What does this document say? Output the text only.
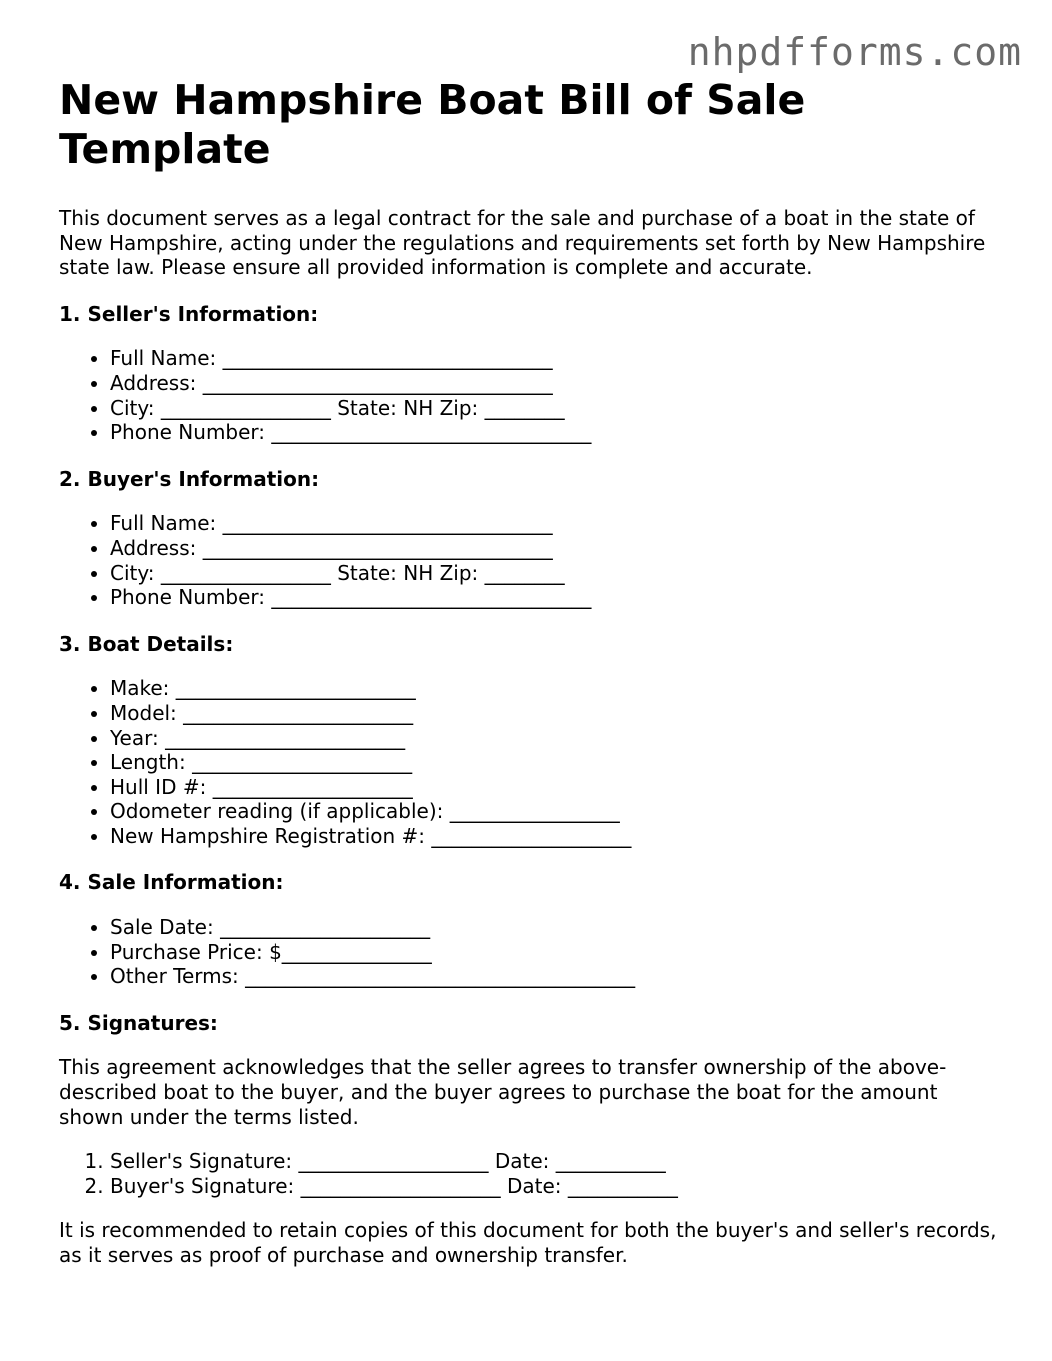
nhpdfforms.com
New Hampshire Boat Bill of Sale Template

This document serves as a legal contract for the sale and purchase of a boat in the state of New Hampshire, acting under the regulations and requirements set forth by New Hampshire state law. Please ensure all provided information is complete and accurate.

1. Seller's Information:
• Full Name: _________________________________
• Address: ___________________________________
• City: _________________ State: NH Zip: ________
• Phone Number: ________________________________
2. Buyer's Information:
• Full Name: _________________________________
• Address: ___________________________________
• City: _________________ State: NH Zip: ________
• Phone Number: ________________________________
3. Boat Details:
• Make: ________________________
• Model: _______________________
• Year: ________________________
• Length: ______________________
• Hull ID #: ____________________
• Odometer reading (if applicable): _________________
• New Hampshire Registration #: ____________________
4. Sale Information:
• Sale Date: _____________________
• Purchase Price: $_______________
• Other Terms: _______________________________________
5. Signatures:

This agreement acknowledges that the seller agrees to transfer ownership of the above-described boat to the buyer, and the buyer agrees to purchase the boat for the amount shown under the terms listed.

1. Seller's Signature: ___________________ Date: ___________
2. Buyer's Signature: ____________________ Date: ___________

It is recommended to retain copies of this document for both the buyer's and seller's records, as it serves as proof of purchase and ownership transfer.
